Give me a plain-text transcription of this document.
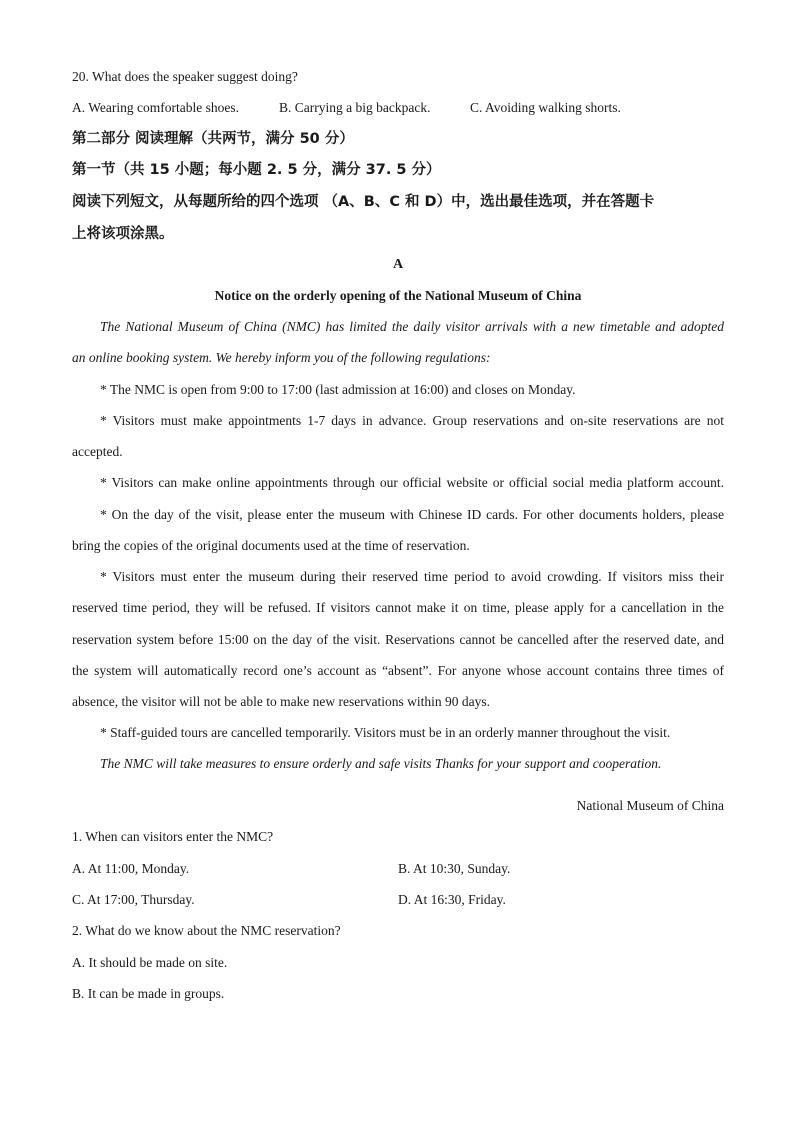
20. What does the speaker suggest doing?
A. Wearing comfortable shoes.	B. Carrying a big backpack.	C. Avoiding walking shorts.
第二部分 阅读理解（共两节，满分 50 分）
第一节（共 15 小题；每小题 2. 5 分，满分 37. 5 分）
阅读下列短文，从每题所给的四个选项 （A、B、C 和 D）中，选出最佳选项，并在答题卡
上将该项涂黑。
A
Notice on the orderly opening of the National Museum of China
The National Museum of China (NMC) has limited the daily visitor arrivals with a new timetable and adopted
an online booking system. We hereby inform you of the following regulations:
* The NMC is open from 9:00 to 17:00 (last admission at 16:00) and closes on Monday.
* Visitors must make appointments 1-7 days in advance. Group reservations and on-site reservations are not
accepted.
* Visitors can make online appointments through our official website or official social media platform account.
* On the day of the visit, please enter the museum with Chinese ID cards. For other documents holders, please
bring the copies of the original documents used at the time of reservation.
* Visitors must enter the museum during their reserved time period to avoid crowding. If visitors miss their
reserved time period, they will be refused. If visitors cannot make it on time, please apply for a cancellation in the
reservation system before 15:00 on the day of the visit. Reservations cannot be cancelled after the reserved date, and
the system will automatically record one’s account as “absent”. For anyone whose account contains three times of
absence, the visitor will not be able to make new reservations within 90 days.
* Staff-guided tours are cancelled temporarily. Visitors must be in an orderly manner throughout the visit.
The NMC will take measures to ensure orderly and safe visits Thanks for your support and cooperation.
National Museum of China
1. When can visitors enter the NMC?
A. At 11:00, Monday.	B. At 10:30, Sunday.
C. At 17:00, Thursday.	D. At 16:30, Friday.
2. What do we know about the NMC reservation?
A. It should be made on site.
B. It can be made in groups.
